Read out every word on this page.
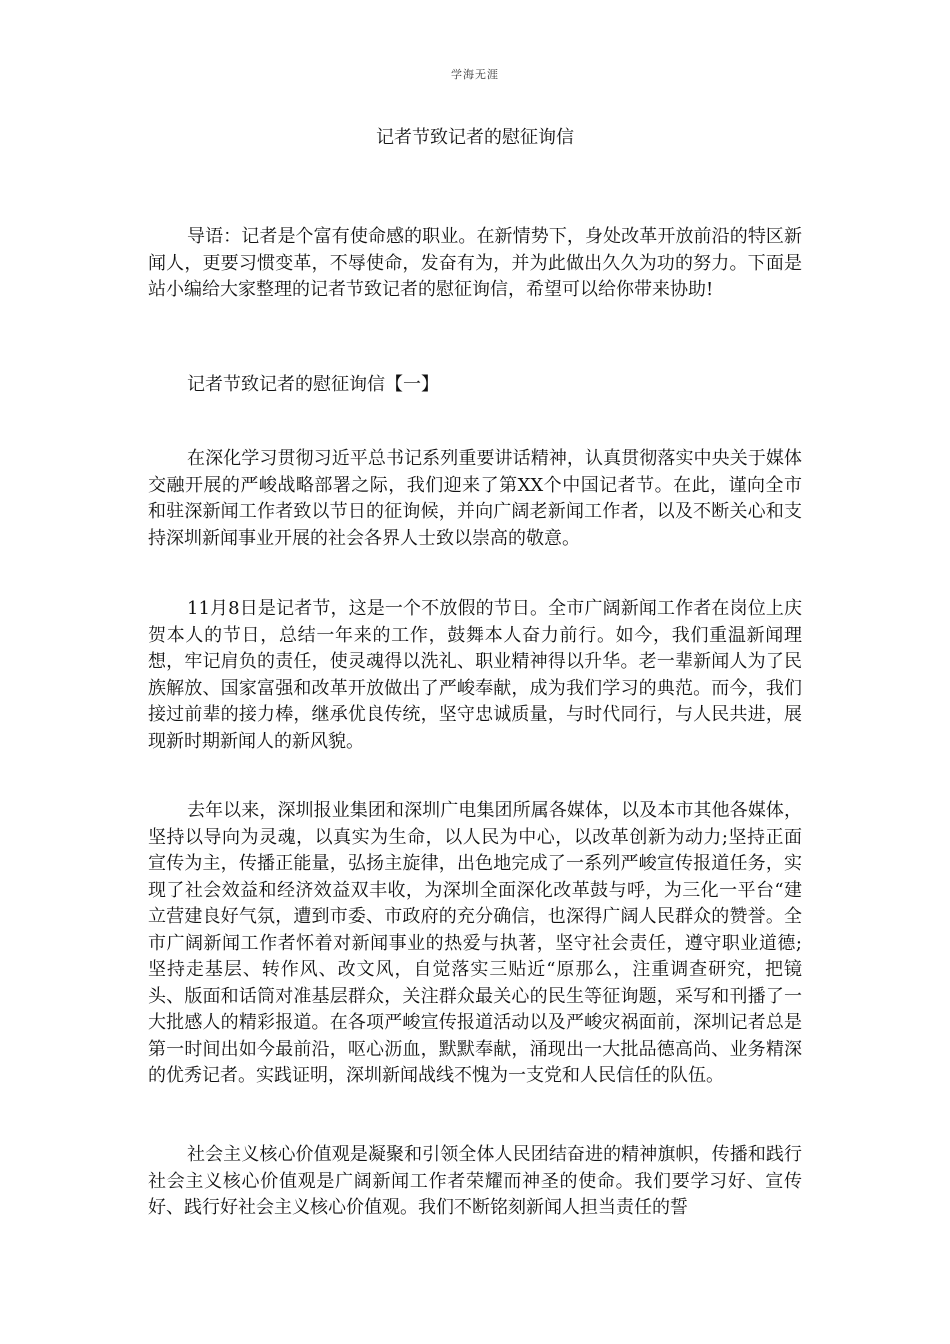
学海无涯
记者节致记者的慰征询信

导语：记者是个富有使命感的职业。在新情势下，身处改革开放前沿的特区新闻人，更要习惯变革，不辱使命，发奋有为，并为此做出久久为功的努力。下面是站小编给大家整理的记者节致记者的慰征询信，希望可以给你带来协助!

记者节致记者的慰征询信【一】

在深化学习贯彻习近平总书记系列重要讲话精神，认真贯彻落实中央关于媒体交融开展的严峻战略部署之际，我们迎来了第XX个中国记者节。在此，谨向全市和驻深新闻工作者致以节日的征询候，并向广阔老新闻工作者，以及不断关心和支持深圳新闻事业开展的社会各界人士致以崇高的敬意。

11月8日是记者节，这是一个不放假的节日。全市广阔新闻工作者在岗位上庆贺本人的节日，总结一年来的工作，鼓舞本人奋力前行。如今，我们重温新闻理想，牢记肩负的责任，使灵魂得以洗礼、职业精神得以升华。老一辈新闻人为了民族解放、国家富强和改革开放做出了严峻奉献，成为我们学习的典范。而今，我们接过前辈的接力棒，继承优良传统，坚守忠诚质量，与时代同行，与人民共进，展现新时期新闻人的新风貌。

去年以来，深圳报业集团和深圳广电集团所属各媒体，以及本市其他各媒体，坚持以导向为灵魂，以真实为生命，以人民为中心，以改革创新为动力;坚持正面宣传为主，传播正能量，弘扬主旋律，出色地完成了一系列严峻宣传报道任务，实现了社会效益和经济效益双丰收，为深圳全面深化改革鼓与呼，为三化一平台“建立营建良好气氛，遭到市委、市政府的充分确信，也深得广阔人民群众的赞誉。全市广阔新闻工作者怀着对新闻事业的热爱与执著，坚守社会责任，遵守职业道德;坚持走基层、转作风、改文风，自觉落实三贴近“原那么，注重调查研究，把镜头、版面和话筒对准基层群众，关注群众最关心的民生等征询题，采写和刊播了一大批感人的精彩报道。在各项严峻宣传报道活动以及严峻灾祸面前，深圳记者总是第一时间出如今最前沿，呕心沥血，默默奉献，涌现出一大批品德高尚、业务精深的优秀记者。实践证明，深圳新闻战线不愧为一支党和人民信任的队伍。

社会主义核心价值观是凝聚和引领全体人民团结奋进的精神旗帜，传播和践行社会主义核心价值观是广阔新闻工作者荣耀而神圣的使命。我们要学习好、宣传好、践行好社会主义核心价值观。我们不断铭刻新闻人担当责任的誓
